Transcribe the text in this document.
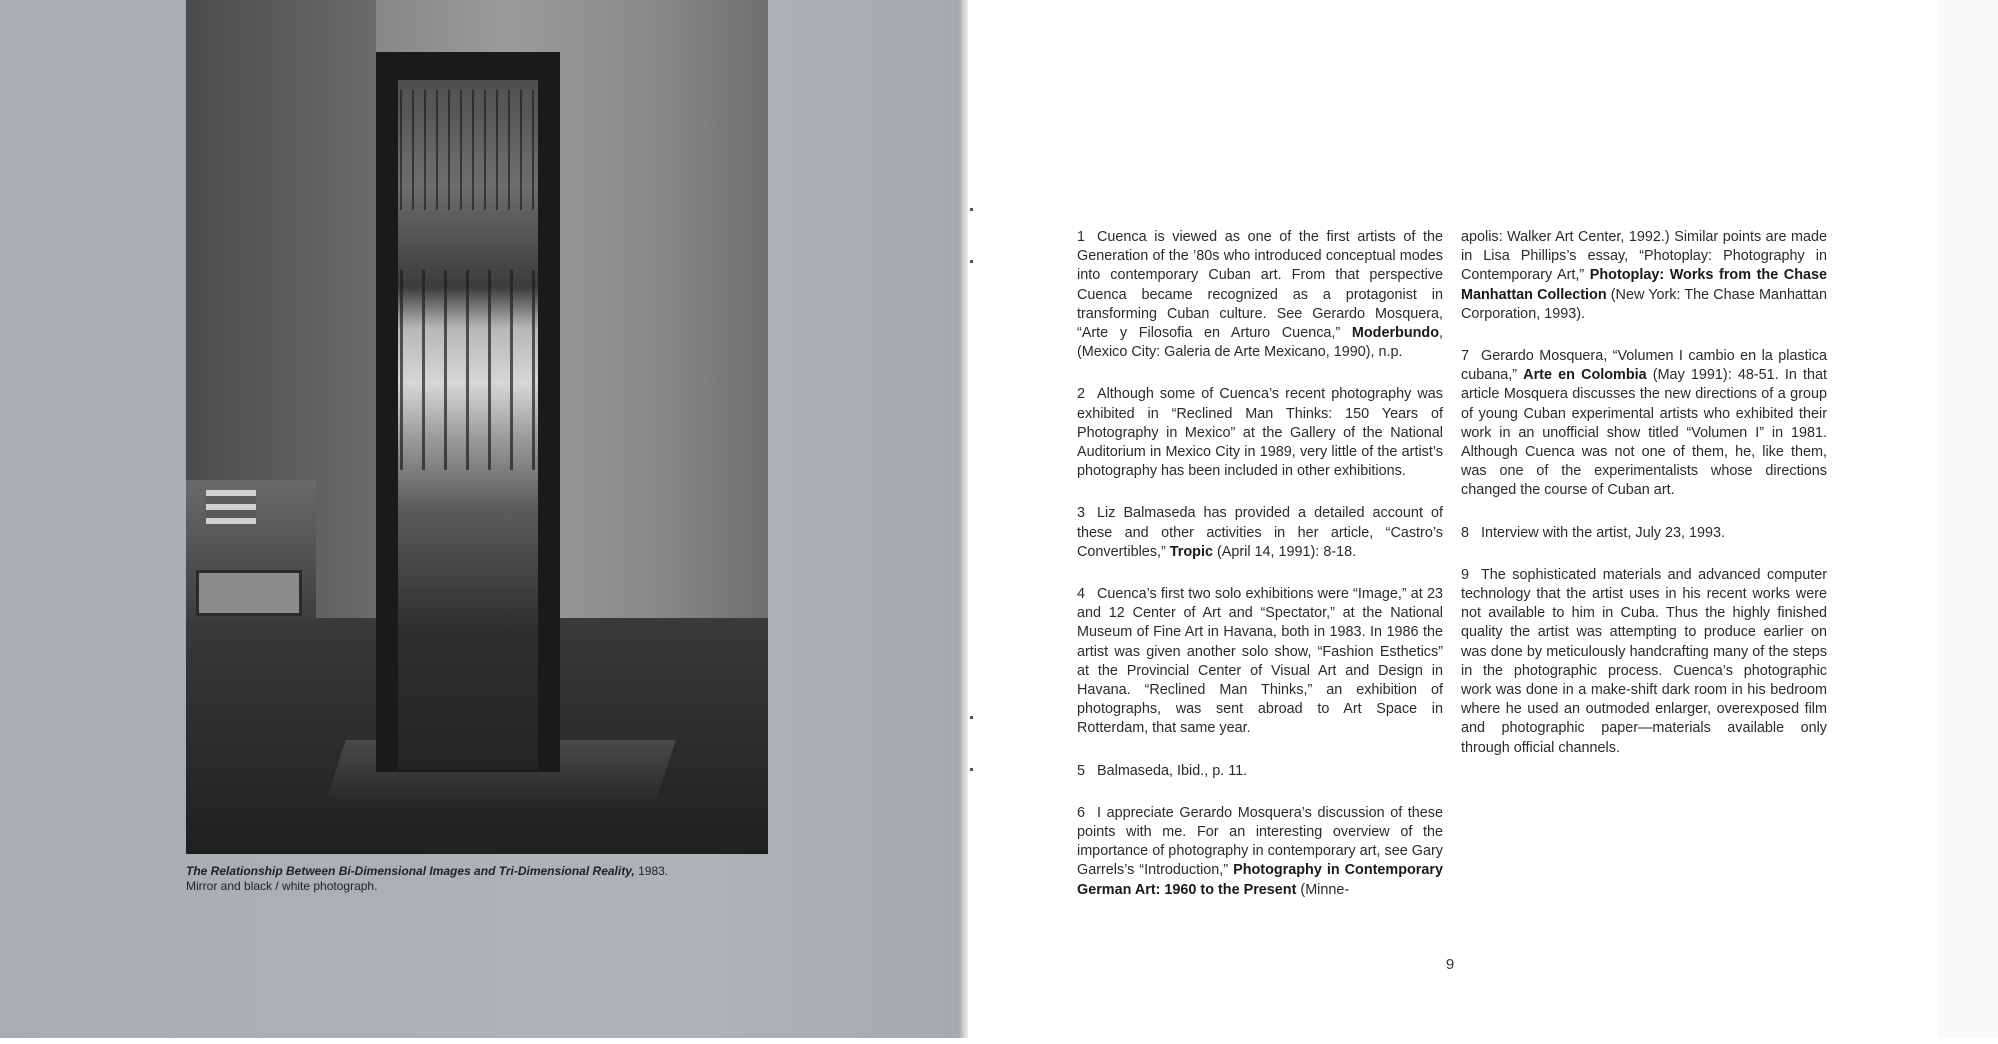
The Relationship Between Bi-Dimensional Images and Tri-Dimensional Reality, 1983.
Mirror and black / white photograph.

1 Cuenca is viewed as one of the first artists of the Generation of the ’80s who introduced conceptual modes into contemporary Cuban art. From that perspective Cuenca became recognized as a protagonist in transforming Cuban culture. See Gerardo Mosquera, “Arte y Filosofia en Arturo Cuenca,” Moderbundo, (Mexico City: Galeria de Arte Mexicano, 1990), n.p.

2 Although some of Cuenca’s recent photography was exhibited in “Reclined Man Thinks: 150 Years of Photography in Mexico” at the Gallery of the National Auditorium in Mexico City in 1989, very little of the artist’s photography has been included in other exhibitions.

3 Liz Balmaseda has provided a detailed account of these and other activities in her article, “Castro’s Convertibles,” Tropic (April 14, 1991): 8-18.

4 Cuenca’s first two solo exhibitions were “Image,” at 23 and 12 Center of Art and “Spectator,” at the National Museum of Fine Art in Havana, both in 1983. In 1986 the artist was given another solo show, “Fashion Esthetics” at the Provincial Center of Visual Art and Design in Havana. “Reclined Man Thinks,” an exhibition of photographs, was sent abroad to Art Space in Rotterdam, that same year.

5 Balmaseda, Ibid., p. 11.

6 I appreciate Gerardo Mosquera’s discussion of these points with me. For an interesting overview of the importance of photography in contemporary art, see Gary Garrels’s “Introduction,” Photography in Contemporary German Art: 1960 to the Present (Minne-

apolis: Walker Art Center, 1992.) Similar points are made in Lisa Phillips’s essay, “Photoplay: Photography in Contemporary Art,” Photoplay: Works from the Chase Manhattan Collection (New York: The Chase Manhattan Corporation, 1993).

7 Gerardo Mosquera, “Volumen I cambio en la plastica cubana,” Arte en Colombia (May 1991): 48-51. In that article Mosquera discusses the new directions of a group of young Cuban experimental artists who exhibited their work in an unofficial show titled “Volumen I” in 1981. Although Cuenca was not one of them, he, like them, was one of the experimentalists whose directions changed the course of Cuban art.

8 Interview with the artist, July 23, 1993.

9 The sophisticated materials and advanced computer technology that the artist uses in his recent works were not available to him in Cuba. Thus the highly finished quality the artist was attempting to produce earlier on was done by meticulously handcrafting many of the steps in the photographic process. Cuenca’s photographic work was done in a make-shift dark room in his bedroom where he used an outmoded enlarger, overexposed film and photographic paper—materials available only through official channels.

9
